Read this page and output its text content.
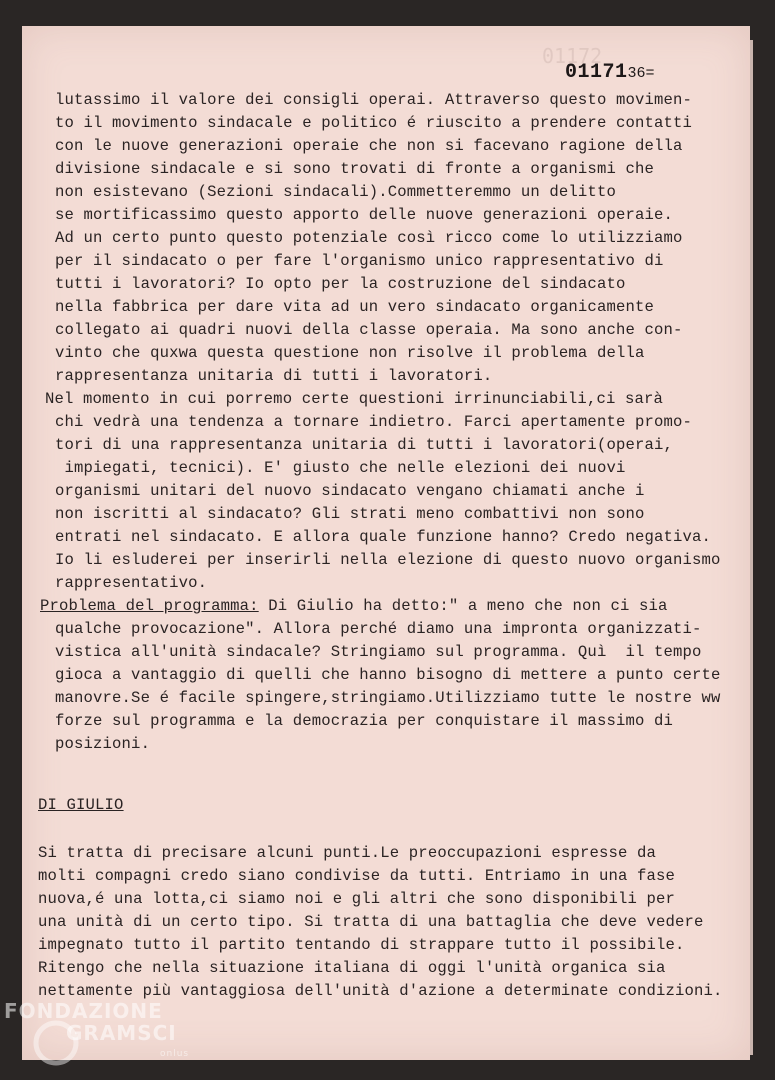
01172
0117136=
lutassimo il valore dei consigli operai. Attraverso questo movimen-
to il movimento sindacale e politico é riuscito a prendere contatti
con le nuove generazioni operaie che non si facevano ragione della
divisione sindacale e si sono trovati di fronte a organismi che
non esistevano (Sezioni sindacali).Commetteremmo un delitto
se mortificassimo questo apporto delle nuove generazioni operaie.
Ad un certo punto questo potenziale così ricco come lo utilizziamo
per il sindacato o per fare l'organismo unico rappresentativo di
tutti i lavoratori? Io opto per la costruzione del sindacato
nella fabbrica per dare vita ad un vero sindacato organicamente
collegato ai quadri nuovi della classe operaia. Ma sono anche con-
vinto che quxwa questa questione non risolve il problema della
rappresentanza unitaria di tutti i lavoratori.
Nel momento in cui porremo certe questioni irrinunciabili,ci sarà
chi vedrà una tendenza a tornare indietro. Farci apertamente promo-
tori di una rappresentanza unitaria di tutti i lavoratori(operai,
impiegati, tecnici). E' giusto che nelle elezioni dei nuovi
organismi unitari del nuovo sindacato vengano chiamati anche i
non iscritti al sindacato? Gli strati meno combattivi non sono
entrati nel sindacato. E allora quale funzione hanno? Credo negativa.
Io li esluderei per inserirli nella elezione di questo nuovo organismo
rappresentativo.
Problema del programma: Di Giulio ha detto:" a meno che non ci sia
qualche provocazione". Allora perché diamo una impronta organizzati-
vistica all'unità sindacale? Stringiamo sul programma. Quì  il tempo
gioca a vantaggio di quelli che hanno bisogno di mettere a punto certe
manovre.Se é facile spingere,stringiamo.Utilizziamo tutte le nostre ww
forze sul programma e la democrazia per conquistare il massimo di
posizioni.
DI GIULIO
Si tratta di precisare alcuni punti.Le preoccupazioni espresse da
molti compagni credo siano condivise da tutti. Entriamo in una fase
nuova,é una lotta,ci siamo noi e gli altri che sono disponibili per
una unità di un certo tipo. Si tratta di una battaglia che deve vedere
impegnato tutto il partito tentando di strappare tutto il possibile.
Ritengo che nella situazione italiana di oggi l'unità organica sia
nettamente più vantaggiosa dell'unità d'azione a determinate condizioni.
FONDAZIONE
GRAMSCI
onlus
